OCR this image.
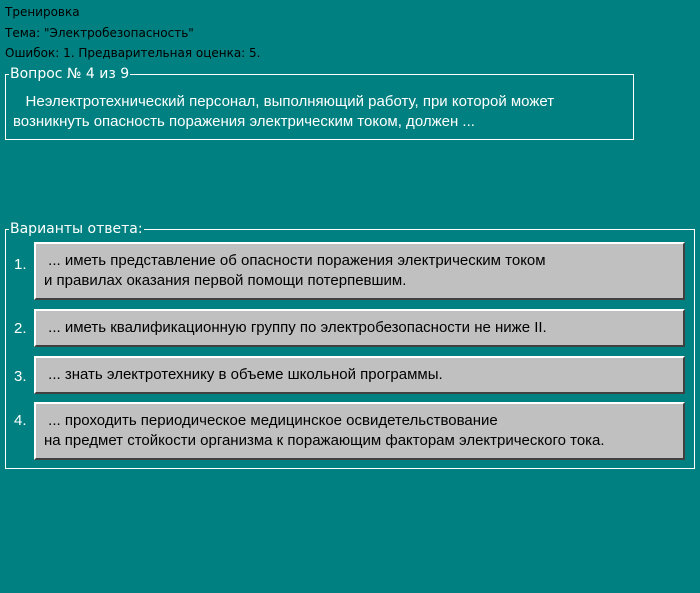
Тренировка
Тема: "Электробезопасность"
Ошибок: 1. Предварительная оценка: 5.
Вопрос № 4 из 9
Неэлектротехнический персонал, выполняющий работу, при которой может
возникнуть опасность поражения электрическим током, должен ...
Варианты ответа:
1.	... иметь представление об опасности поражения электрическим током
и правилах оказания первой помощи потерпевшим.
2.	... иметь квалификационную группу по электробезопасности не ниже II.
3.	... знать электротехнику в объеме школьной программы.
4.	... проходить периодическое медицинское освидетельствование
на предмет стойкости организма к поражающим факторам электрического тока.
